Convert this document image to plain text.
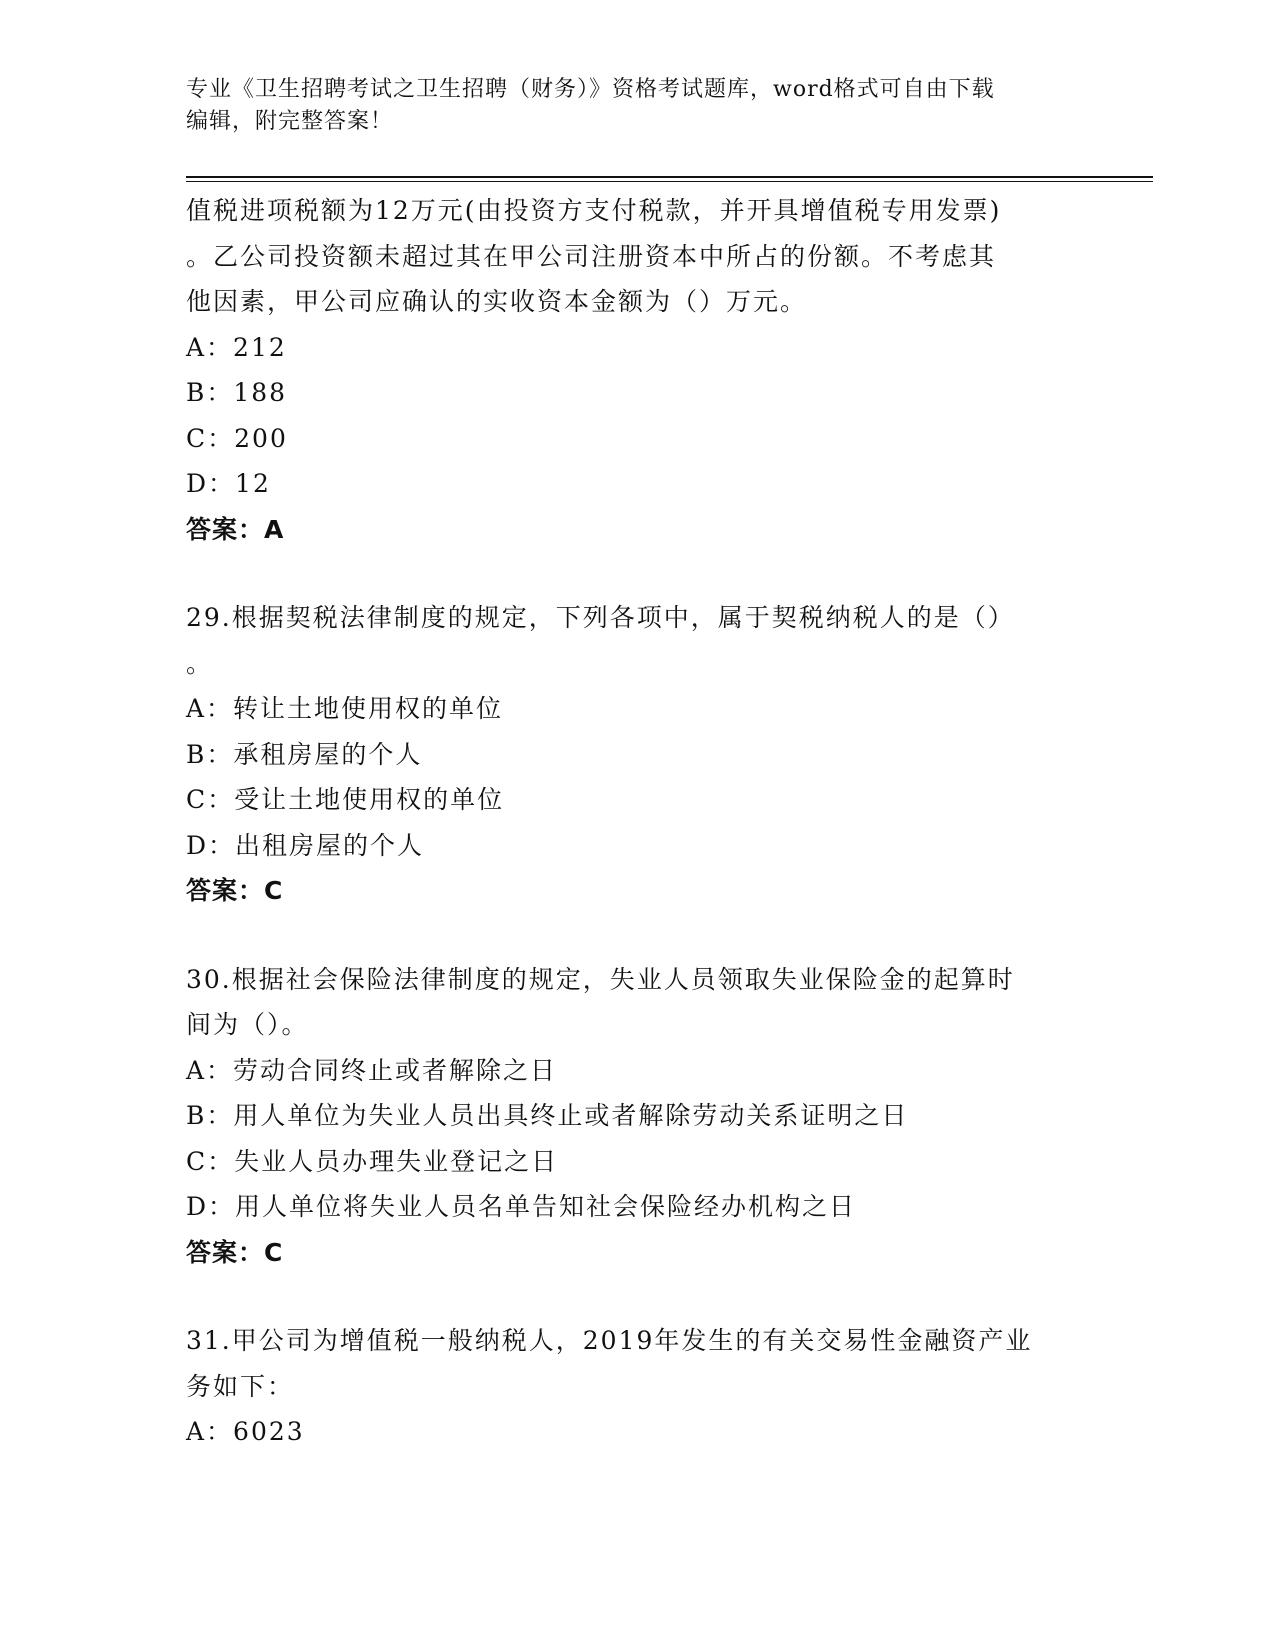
专业《卫生招聘考试之卫生招聘（财务）》资格考试题库，word格式可自由下载
编辑，附完整答案！
值税进项税额为12万元(由投资方支付税款，并开具增值税专用发票)
。乙公司投资额未超过其在甲公司注册资本中所占的份额。不考虑其
他因素，甲公司应确认的实收资本金额为（）万元。
A：212
B：188
C：200
D：12
答案：A
29.根据契税法律制度的规定，下列各项中，属于契税纳税人的是（）
。
A：转让土地使用权的单位
B：承租房屋的个人
C：受让土地使用权的单位
D：出租房屋的个人
答案：C
30.根据社会保险法律制度的规定，失业人员领取失业保险金的起算时
间为（）。
A：劳动合同终止或者解除之日
B：用人单位为失业人员出具终止或者解除劳动关系证明之日
C：失业人员办理失业登记之日
D：用人单位将失业人员名单告知社会保险经办机构之日
答案：C
31.甲公司为增值税一般纳税人，2019年发生的有关交易性金融资产业
务如下：
A：6023
